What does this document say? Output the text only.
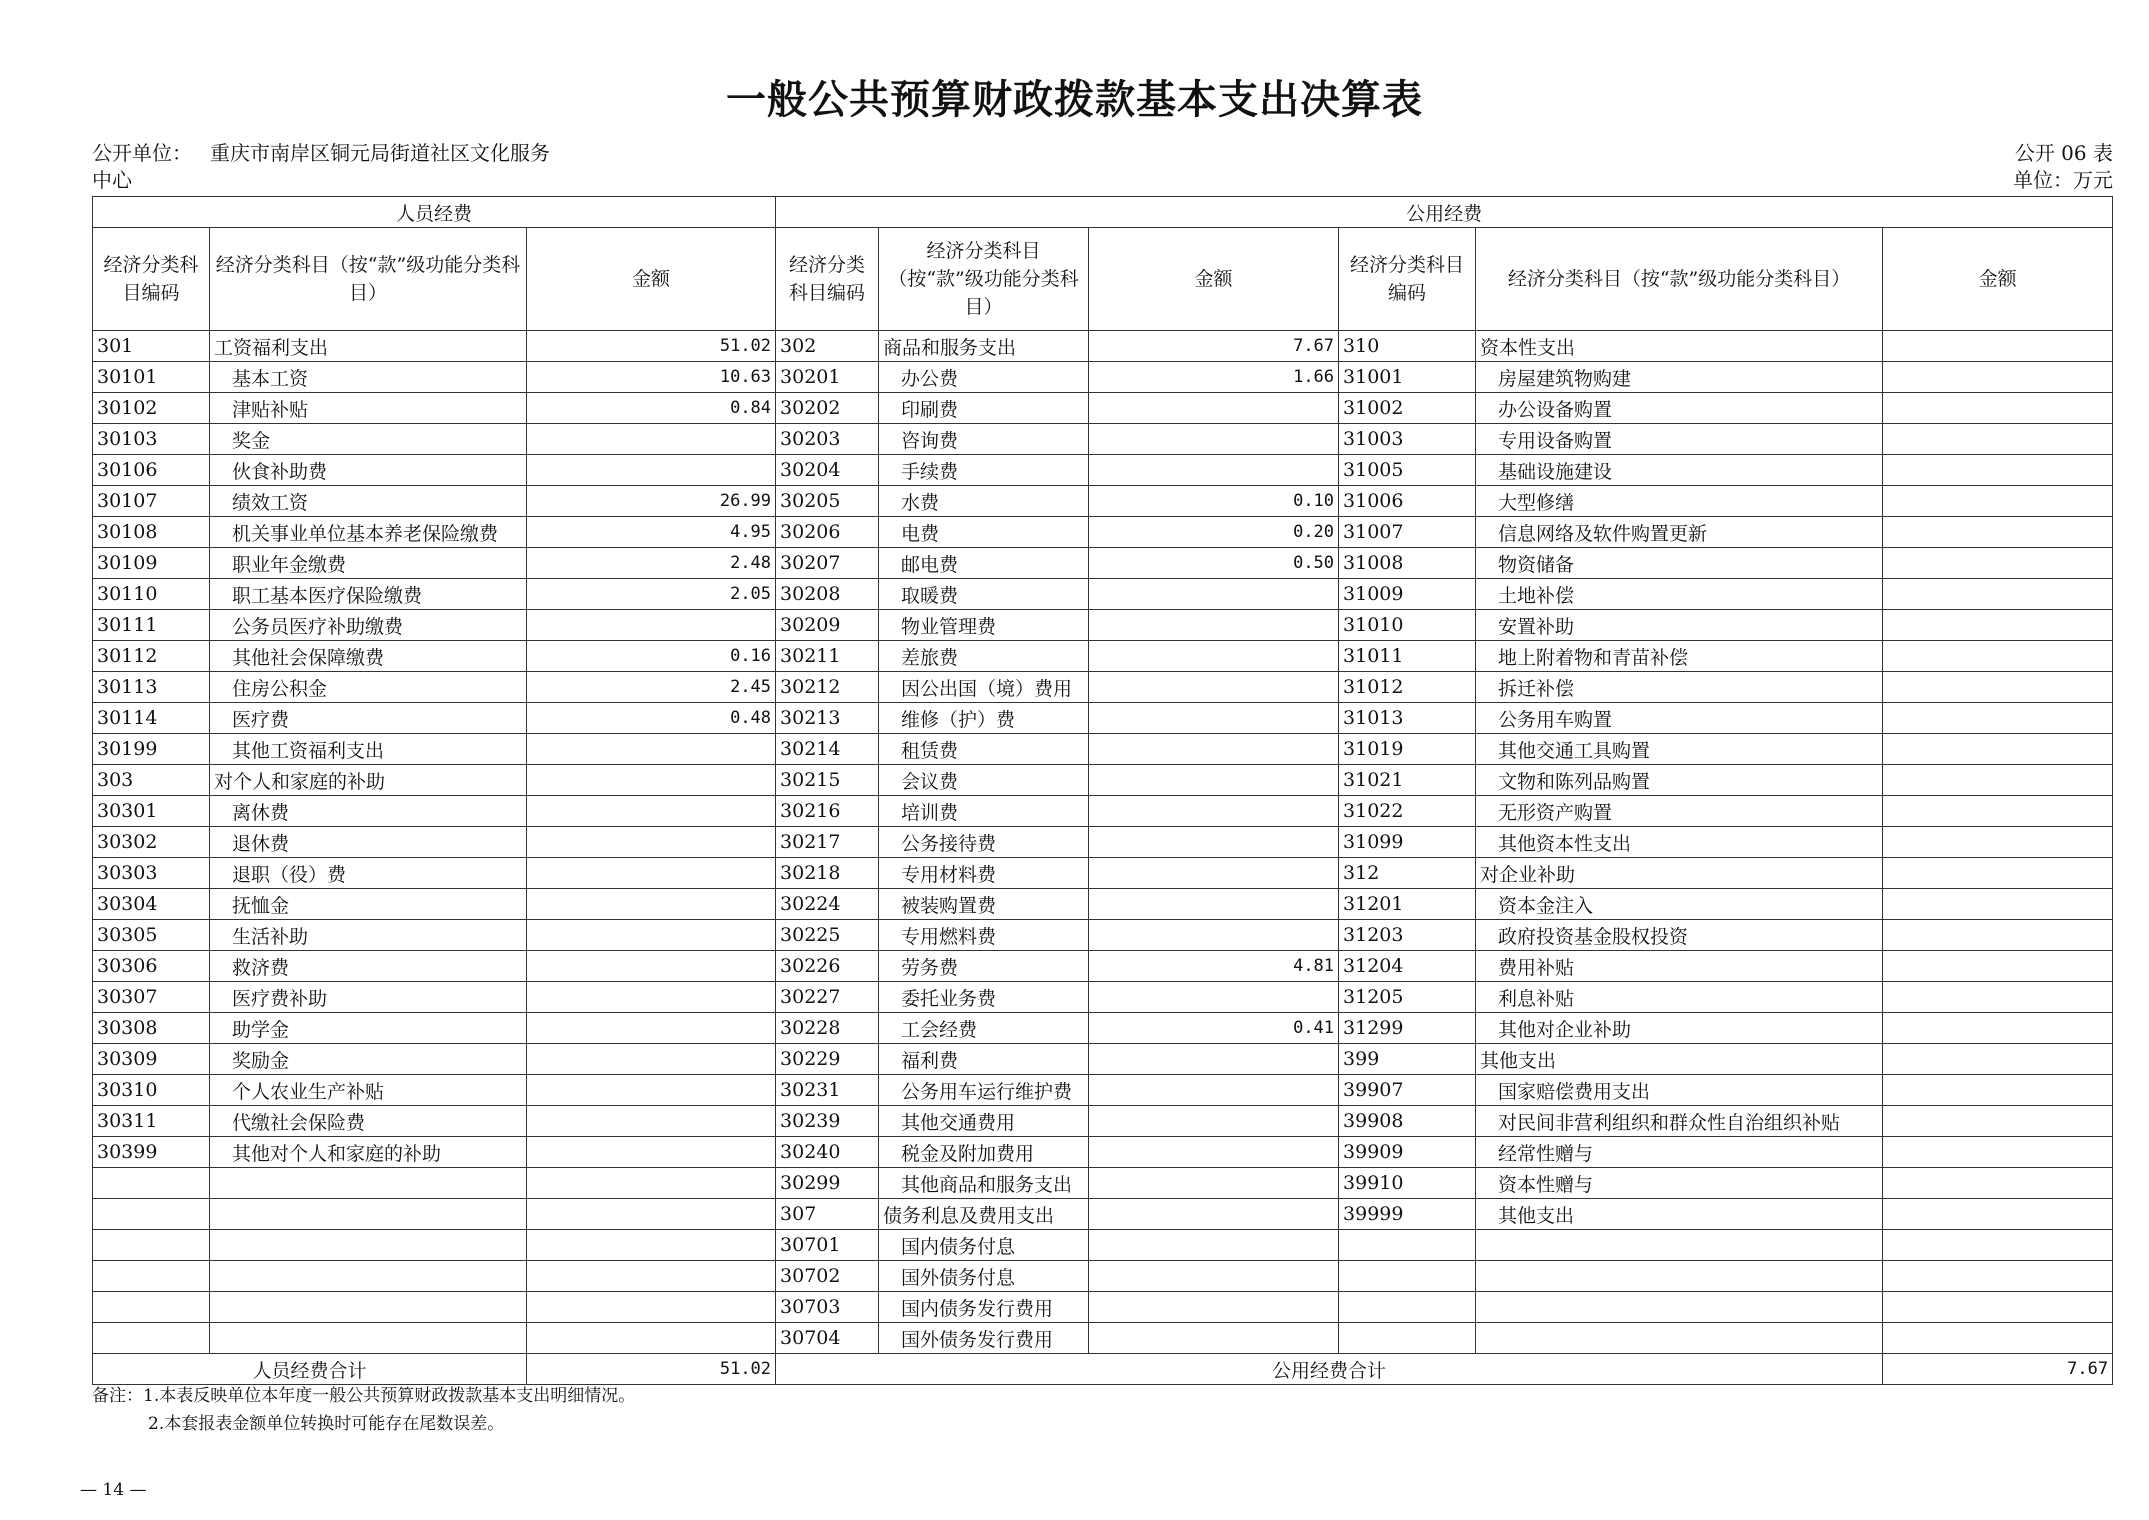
一般公共预算财政拨款基本支出决算表
公开单位： 重庆市南岸区铜元局街道社区文化服务中心
公开 06 表
单位：万元
人员经费			公用经费					
经济分类科目编码	经济分类科目（按“款”级功能分类科目）	金额	经济分类科目编码	经济分类科目（按“款”级功能分类科目）	金额	经济分类科目编码	经济分类科目（按“款”级功能分类科目）	金额
301	工资福利支出	51.02	302	商品和服务支出	7.67	310	资本性支出	
30101	基本工资	10.63	30201	办公费	1.66	31001	房屋建筑物购建	
30102	津贴补贴	0.84	30202	印刷费		31002	办公设备购置	
30103	奖金		30203	咨询费		31003	专用设备购置	
30106	伙食补助费		30204	手续费		31005	基础设施建设	
30107	绩效工资	26.99	30205	水费	0.10	31006	大型修缮	
30108	机关事业单位基本养老保险缴费	4.95	30206	电费	0.20	31007	信息网络及软件购置更新	
30109	职业年金缴费	2.48	30207	邮电费	0.50	31008	物资储备	
30110	职工基本医疗保险缴费	2.05	30208	取暖费		31009	土地补偿	
30111	公务员医疗补助缴费		30209	物业管理费		31010	安置补助	
30112	其他社会保障缴费	0.16	30211	差旅费		31011	地上附着物和青苗补偿	
30113	住房公积金	2.45	30212	因公出国（境）费用		31012	拆迁补偿	
30114	医疗费	0.48	30213	维修（护）费		31013	公务用车购置	
30199	其他工资福利支出		30214	租赁费		31019	其他交通工具购置	
303	对个人和家庭的补助		30215	会议费		31021	文物和陈列品购置	
30301	离休费		30216	培训费		31022	无形资产购置	
30302	退休费		30217	公务接待费		31099	其他资本性支出	
30303	退职（役）费		30218	专用材料费		312	对企业补助	
30304	抚恤金		30224	被装购置费		31201	资本金注入	
30305	生活补助		30225	专用燃料费		31203	政府投资基金股权投资	
30306	救济费		30226	劳务费	4.81	31204	费用补贴	
30307	医疗费补助		30227	委托业务费		31205	利息补贴	
30308	助学金		30228	工会经费	0.41	31299	其他对企业补助	
30309	奖励金		30229	福利费		399	其他支出	
30310	个人农业生产补贴		30231	公务用车运行维护费		39907	国家赔偿费用支出	
30311	代缴社会保险费		30239	其他交通费用		39908	对民间非营利组织和群众性自治组织补贴	
30399	其他对个人和家庭的补助		30240	税金及附加费用		39909	经常性赠与	
			30299	其他商品和服务支出		39910	资本性赠与	
			307	债务利息及费用支出		39999	其他支出	
			30701	国内债务付息				
			30702	国外债务付息				
			30703	国内债务发行费用				
			30704	国外债务发行费用				
人员经费合计		51.02	公用经费合计					7.67
备注：1.本表反映单位本年度一般公共预算财政拨款基本支出明细情况。
2.本套报表金额单位转换时可能存在尾数误差。
— 14 —
